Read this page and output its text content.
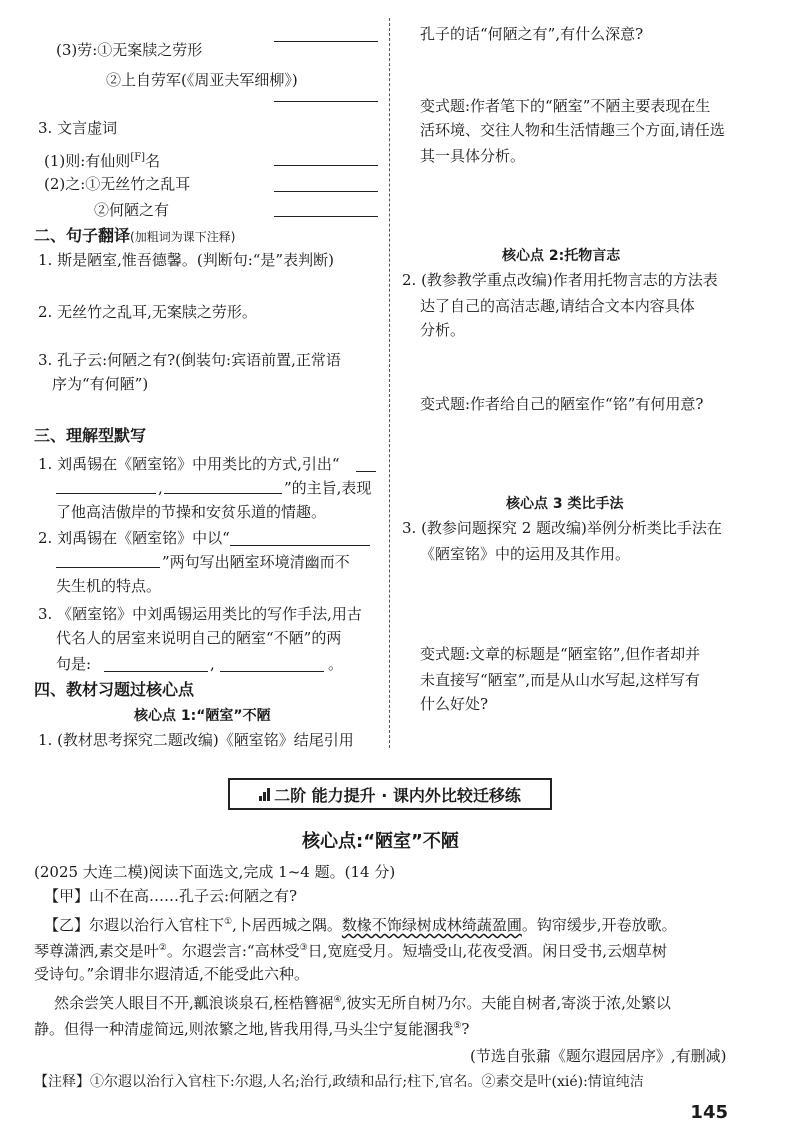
(3)劳:①无案牍之劳形
②上自劳军(《周亚夫军细柳》)
3. 文言虚词
(1)则:有仙则[F]名
(2)之:①无丝竹之乱耳
②何陋之有
二、句子翻译(加粗词为课下注释)
1. 斯是陋室,惟吾德馨。(判断句:“是”表判断)
2. 无丝竹之乱耳,无案牍之劳形。
3. 孔子云:何陋之有?(倒装句:宾语前置,正常语
序为“有何陋”)
三、理解型默写
1. 刘禹锡在《陋室铭》中用类比的方式,引出“
,	”的主旨,表现
了他高洁傲岸的节操和安贫乐道的情趣。
2. 刘禹锡在《陋室铭》中以“
”两句写出陋室环境清幽而不
失生机的特点。
3. 《陋室铭》中刘禹锡运用类比的写作手法,用古
代名人的居室来说明自己的陋室“不陋”的两
句是:	,	。
四、教材习题过核心点
核心点 1:“陋室”不陋
1. (教材思考探究二题改编)《陋室铭》结尾引用
孔子的话“何陋之有”,有什么深意?
变式题:作者笔下的“陋室”不陋主要表现在生
活环境、交往人物和生活情趣三个方面,请任选
其一具体分析。
核心点 2:托物言志
2. (教参教学重点改编)作者用托物言志的方法表
达了自己的高洁志趣,请结合文本内容具体
分析。
变式题:作者给自己的陋室作“铭”有何用意?
核心点 3 类比手法
3. (教参问题探究 2 题改编)举例分析类比手法在
《陋室铭》中的运用及其作用。
变式题:文章的标题是“陋室铭”,但作者却并
未直接写“陋室”,而是从山水写起,这样写有
什么好处?
二阶 能力提升 · 课内外比较迁移练
核心点:“陋室”不陋
(2025 大连二模)阅读下面选文,完成 1~4 题。(14 分)
【甲】山不在高……孔子云:何陋之有?
【乙】尔遐以治行入官柱下①,卜居西城之隅。数椽不饰绿树成林绮蔬盈圃。钩帘缓步,开卷放歌。
琴尊潇洒,素交是叶②。尔遐尝言:“高林受③日,宽庭受月。短墙受山,花夜受酒。闲日受书,云烟草树
受诗句。”余谓非尔遐清适,不能受此六种。
然余尝笑人眼目不开,瓤浪谈泉石,桎梏簪裾④,彼实无所自树乃尔。夫能自树者,寄淡于浓,处繁以
静。但得一种清虚简远,则浓繁之地,皆我用得,马头尘宁复能溷我⑤?
(节选自张鼐《题尔遐园居序》,有删减)
【注释】①尔遐以治行入官柱下:尔遐,人名;治行,政绩和品行;柱下,官名。②素交是叶(xié):情谊纯洁
145
